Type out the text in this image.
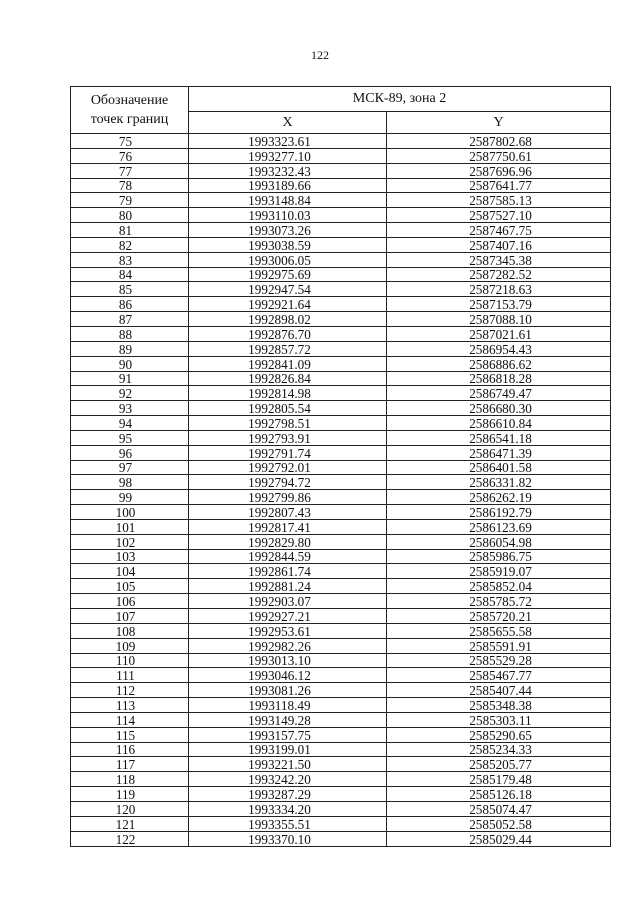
122
Обозначение
точек границ	МСК-89, зона 2	
	X	Y
75	1993323.61	2587802.68
76	1993277.10	2587750.61
77	1993232.43	2587696.96
78	1993189.66	2587641.77
79	1993148.84	2587585.13
80	1993110.03	2587527.10
81	1993073.26	2587467.75
82	1993038.59	2587407.16
83	1993006.05	2587345.38
84	1992975.69	2587282.52
85	1992947.54	2587218.63
86	1992921.64	2587153.79
87	1992898.02	2587088.10
88	1992876.70	2587021.61
89	1992857.72	2586954.43
90	1992841.09	2586886.62
91	1992826.84	2586818.28
92	1992814.98	2586749.47
93	1992805.54	2586680.30
94	1992798.51	2586610.84
95	1992793.91	2586541.18
96	1992791.74	2586471.39
97	1992792.01	2586401.58
98	1992794.72	2586331.82
99	1992799.86	2586262.19
100	1992807.43	2586192.79
101	1992817.41	2586123.69
102	1992829.80	2586054.98
103	1992844.59	2585986.75
104	1992861.74	2585919.07
105	1992881.24	2585852.04
106	1992903.07	2585785.72
107	1992927.21	2585720.21
108	1992953.61	2585655.58
109	1992982.26	2585591.91
110	1993013.10	2585529.28
111	1993046.12	2585467.77
112	1993081.26	2585407.44
113	1993118.49	2585348.38
114	1993149.28	2585303.11
115	1993157.75	2585290.65
116	1993199.01	2585234.33
117	1993221.50	2585205.77
118	1993242.20	2585179.48
119	1993287.29	2585126.18
120	1993334.20	2585074.47
121	1993355.51	2585052.58
122	1993370.10	2585029.44
